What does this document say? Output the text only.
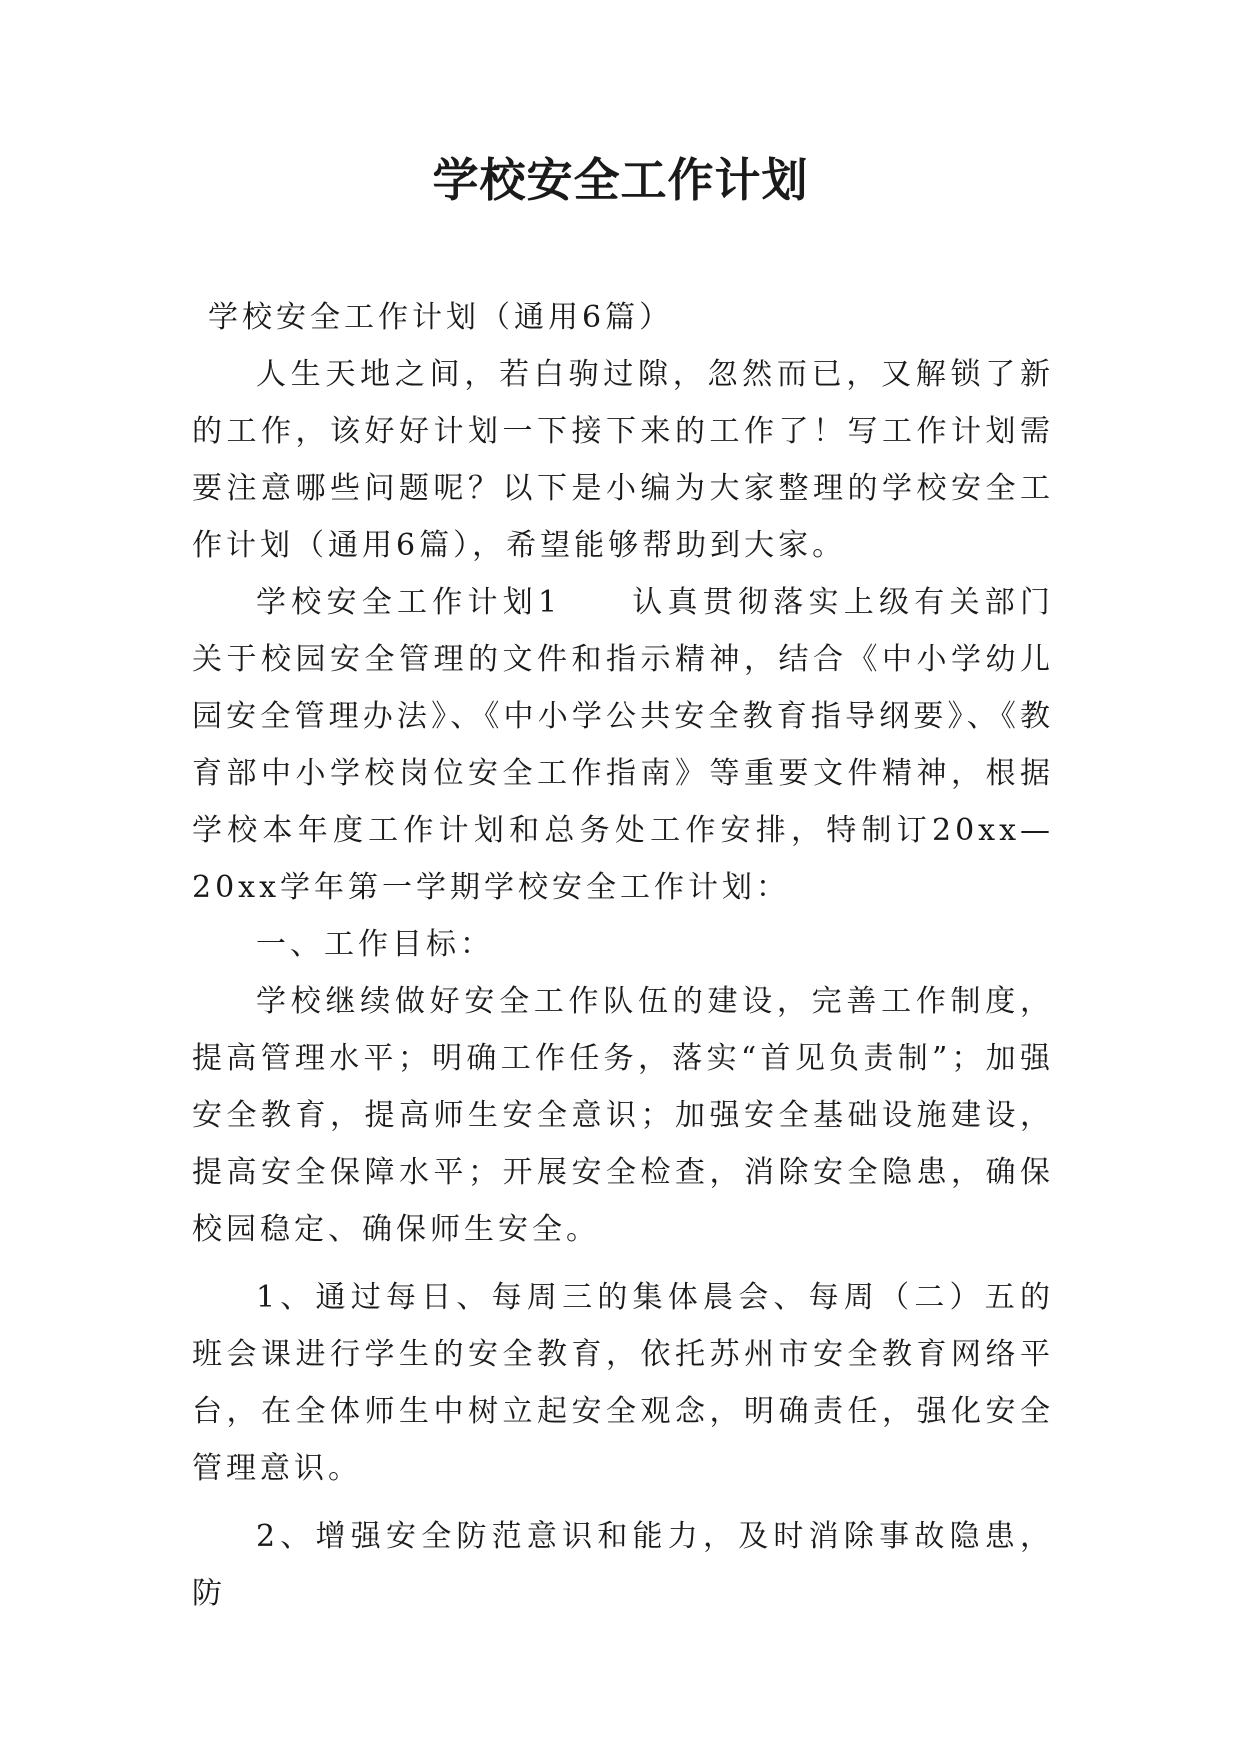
学校安全工作计划

学校安全工作计划（通用6篇）

人生天地之间，若白驹过隙，忽然而已，又解锁了新的工作，该好好计划一下接下来的工作了！写工作计划需要注意哪些问题呢？以下是小编为大家整理的学校安全工作计划（通用6篇），希望能够帮助到大家。

学校安全工作计划1 认真贯彻落实上级有关部门关于校园安全管理的文件和指示精神，结合《中小学幼儿园安全管理办法》、《中小学公共安全教育指导纲要》、《教育部中小学校岗位安全工作指南》等重要文件精神，根据学校本年度工作计划和总务处工作安排，特制订20xx—20xx学年第一学期学校安全工作计划：

一、工作目标：

学校继续做好安全工作队伍的建设，完善工作制度，提高管理水平；明确工作任务，落实“首见负责制”；加强安全教育，提高师生安全意识；加强安全基础设施建设，提高安全保障水平；开展安全检查，消除安全隐患，确保校园稳定、确保师生安全。

1、通过每日、每周三的集体晨会、每周（二）五的班会课进行学生的安全教育，依托苏州市安全教育网络平台，在全体师生中树立起安全观念，明确责任，强化安全管理意识。

2、增强安全防范意识和能力，及时消除事故隐患，防
